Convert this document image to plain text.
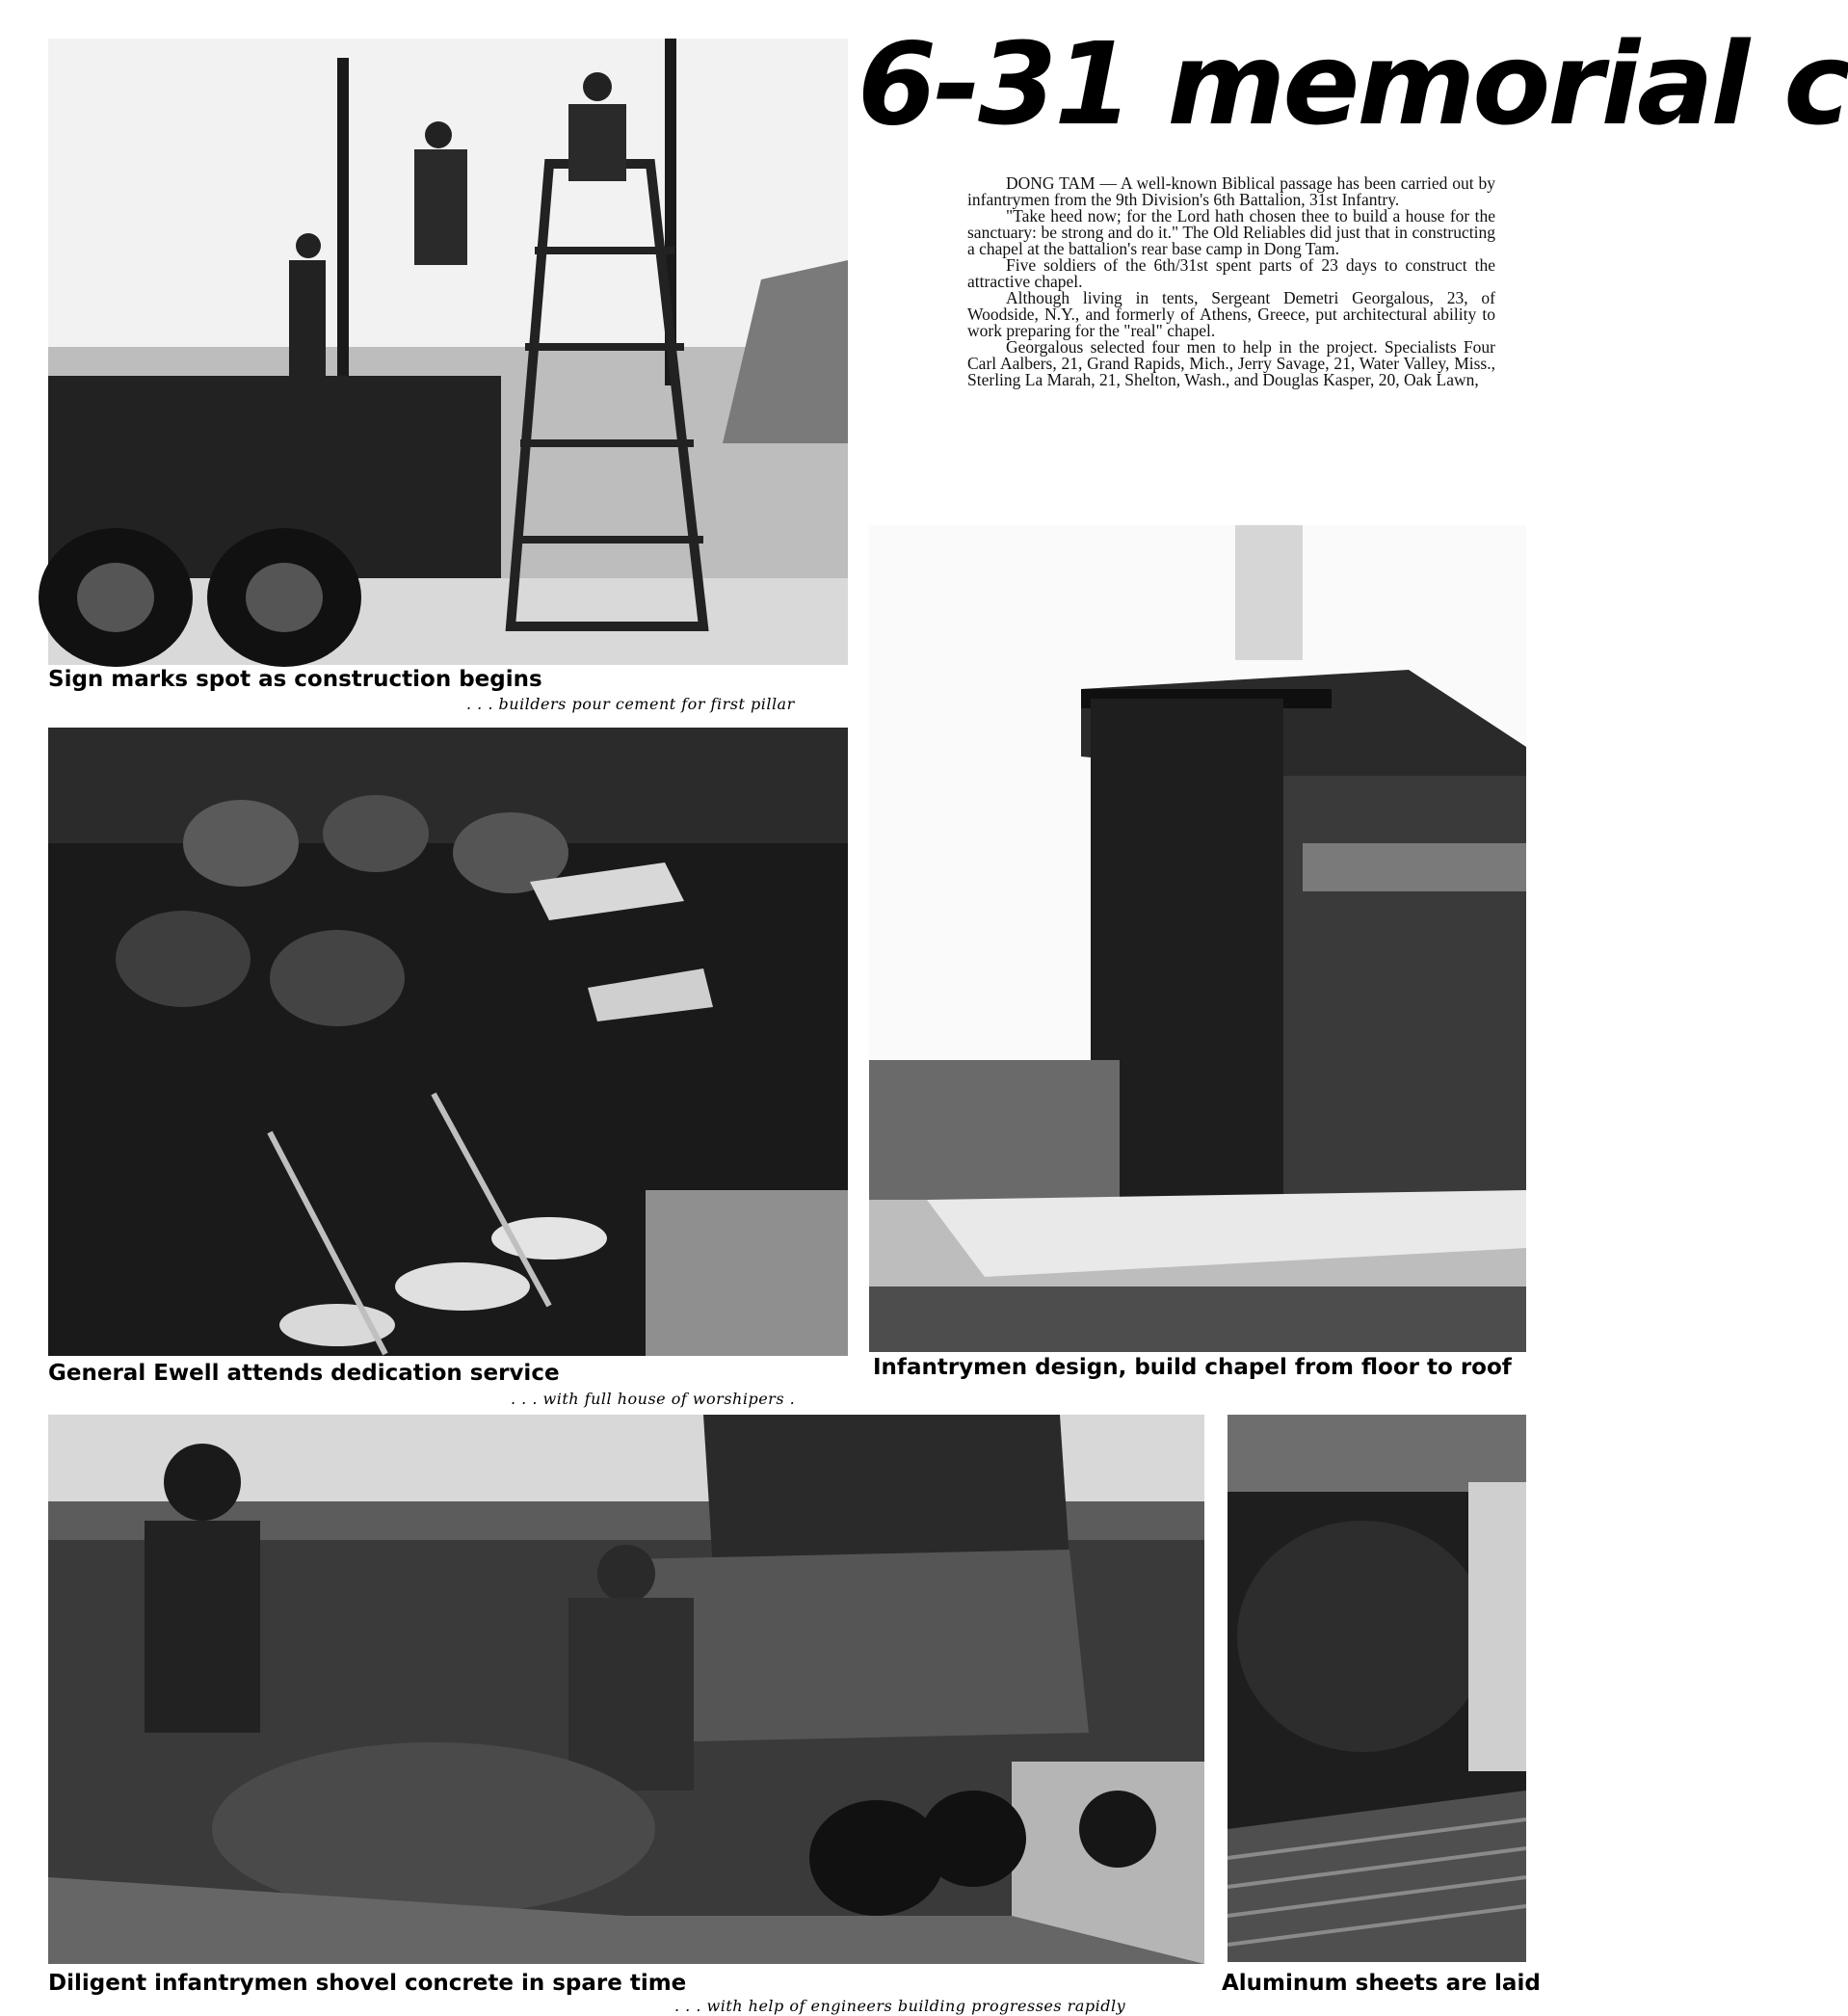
6-31 memorial c

DONG TAM — A well-known Biblical passage has been carried out by infantrymen from the 9th Division's 6th Battalion, 31st Infantry.

"Take heed now; for the Lord hath chosen thee to build a house for the sanctuary: be strong and do it." The Old Reliables did just that in constructing a chapel at the battalion's rear base camp in Dong Tam.

Five soldiers of the 6th/31st spent parts of 23 days to construct the attractive chapel.

Although living in tents, Sergeant Demetri Georgalous, 23, of Woodside, N.Y., and formerly of Athens, Greece, put architectural ability to work preparing for the "real" chapel.

Georgalous selected four men to help in the project. Specialists Four Carl Aalbers, 21, Grand Rapids, Mich., Jerry Savage, 21, Water Valley, Miss., Sterling La Marah, 21, Shelton, Wash., and Douglas Kasper, 20, Oak Lawn,

Sign marks spot as construction begins
. . . builders pour cement for first pillar
General Ewell attends dedication service
. . . with full house of worshipers .
Infantrymen design, build chapel from floor to roof
Diligent infantrymen shovel concrete in spare time
. . . with help of engineers building progresses rapidly
Aluminum sheets are laid
